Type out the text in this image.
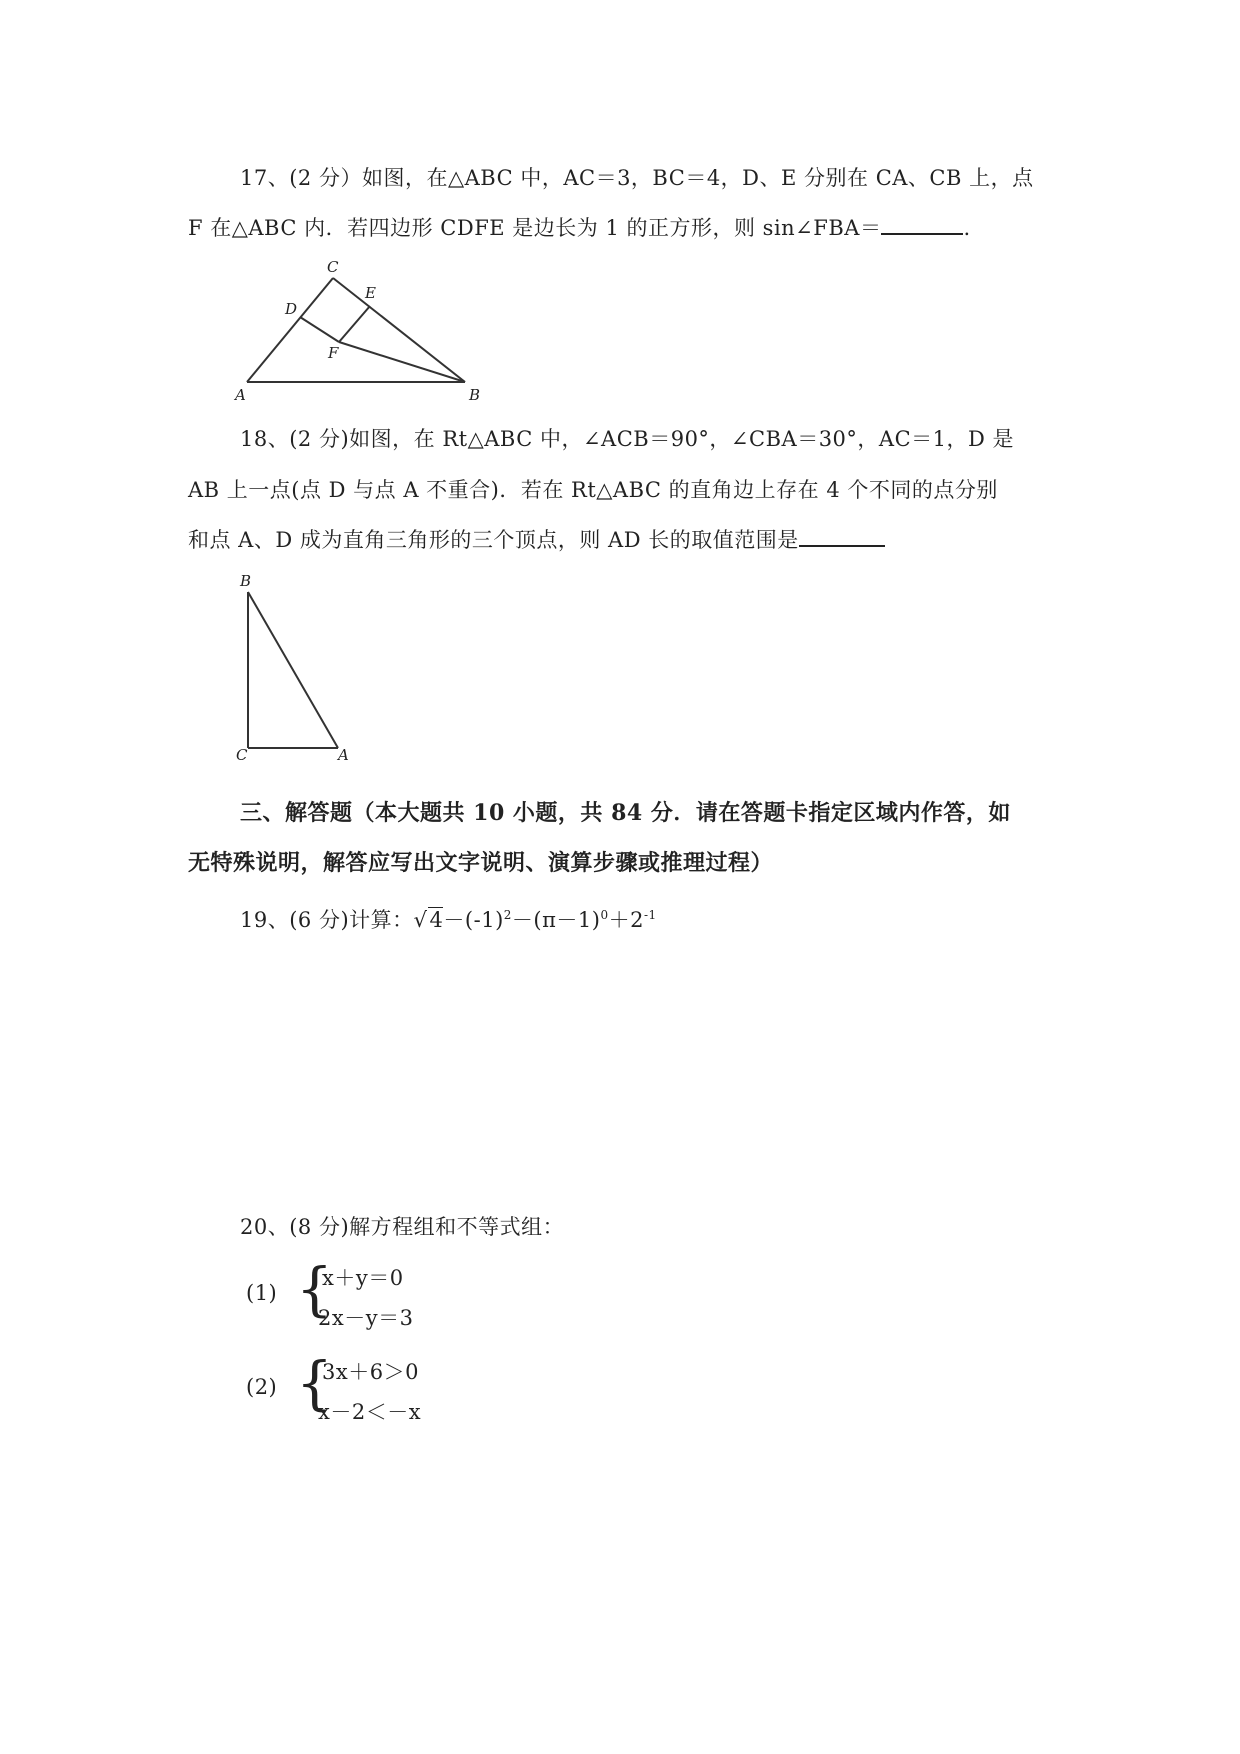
17、(2 分）如图，在△ABC 中，AC＝3，BC＝4，D、E 分别在 CA、CB 上，点
F 在△ABC 内．若四边形 CDFE 是边长为 1 的正方形，则 sin∠FBA＝	.
C
E
D
F
A	B
18、(2 分)如图，在 Rt△ABC 中，∠ACB＝90°，∠CBA＝30°，AC＝1，D 是
AB 上一点(点 D 与点 A 不重合)．若在 Rt△ABC 的直角边上存在 4 个不同的点分别
和点 A、D 成为直角三角形的三个顶点，则 AD 长的取值范围是
B
C	A
三、解答题（本大题共 10 小题，共 84 分．请在答题卡指定区域内作答，如
无特殊说明，解答应写出文字说明、演算步骤或推理过程）
19、(6 分)计算：$√4-(-1)^2-(\pi-1)^0+2^{-1}$
20、(8 分)解方程组和不等式组：
(1) {
x＋y＝0
2x－y＝3
(2) {
3x＋6＞0
x－2＜－x
